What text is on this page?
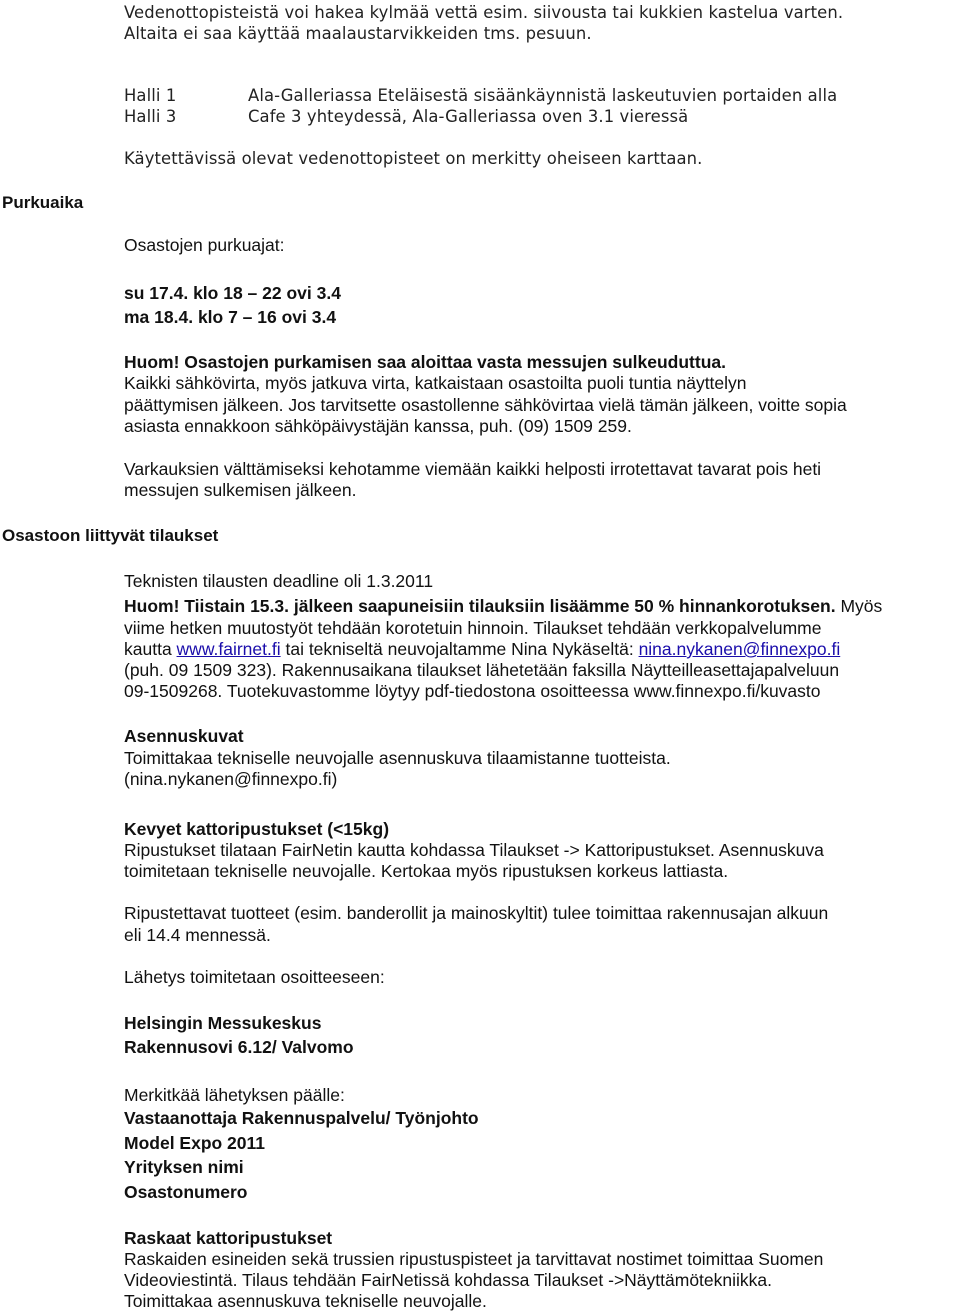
Vedenottopisteistä voi hakea kylmää vettä esim. siivousta tai kukkien kastelua varten.

Altaita ei saa käyttää maalaustarvikkeiden tms. pesuun.

Halli 1	Ala-Galleriassa Eteläisestä sisäänkäynnistä laskeutuvien portaiden alla

Halli 3	Cafe 3 yhteydessä, Ala-Galleriassa oven 3.1 vieressä

Käytettävissä olevat vedenottopisteet on merkitty oheiseen karttaan.

Purkuaika

Osastojen purkuajat:

su 17.4. klo 18 – 22 ovi 3.4

ma 18.4. klo 7 – 16 ovi 3.4

Huom! Osastojen purkamisen saa aloittaa vasta messujen sulkeuduttua.

Kaikki sähkövirta, myös jatkuva virta, katkaistaan osastoilta puoli tuntia näyttelyn

päättymisen jälkeen. Jos tarvitsette osastollenne sähkövirtaa vielä tämän jälkeen, voitte sopia

asiasta ennakkoon sähköpäivystäjän kanssa, puh. (09) 1509 259.

Varkauksien välttämiseksi kehotamme viemään kaikki helposti irrotettavat tavarat pois heti

messujen sulkemisen jälkeen.

Osastoon liittyvät tilaukset

Teknisten tilausten deadline oli 1.3.2011

Huom! Tiistain 15.3. jälkeen saapuneisiin tilauksiin lisäämme 50 % hinnankorotuksen. Myös

viime hetken muutostyöt tehdään korotetuin hinnoin. Tilaukset tehdään verkkopalvelumme

kautta www.fairnet.fi tai tekniseltä neuvojaltamme Nina Nykäseltä: nina.nykanen@finnexpo.fi

(puh. 09 1509 323). Rakennusaikana tilaukset lähetetään faksilla Näytteilleasettajapalveluun

09-1509268. Tuotekuvastomme löytyy pdf-tiedostona osoitteessa www.finnexpo.fi/kuvasto

Asennuskuvat

Toimittakaa tekniselle neuvojalle asennuskuva tilaamistanne tuotteista.

(nina.nykanen@finnexpo.fi)

Kevyet kattoripustukset (<15kg)

Ripustukset tilataan FairNetin kautta kohdassa Tilaukset -> Kattoripustukset. Asennuskuva

toimitetaan tekniselle neuvojalle. Kertokaa myös ripustuksen korkeus lattiasta.

Ripustettavat tuotteet (esim. banderollit ja mainoskyltit) tulee toimittaa rakennusajan alkuun

eli 14.4 mennessä.

Lähetys toimitetaan osoitteeseen:

Helsingin Messukeskus

Rakennusovi 6.12/ Valvomo

Merkitkää lähetyksen päälle:

Vastaanottaja Rakennuspalvelu/ Työnjohto

Model Expo 2011

Yrityksen nimi

Osastonumero

Raskaat kattoripustukset

Raskaiden esineiden sekä trussien ripustuspisteet ja tarvittavat nostimet toimittaa Suomen

Videoviestintä. Tilaus tehdään FairNetissä kohdassa Tilaukset ->Näyttämötekniikka.

Toimittakaa asennuskuva tekniselle neuvojalle.
